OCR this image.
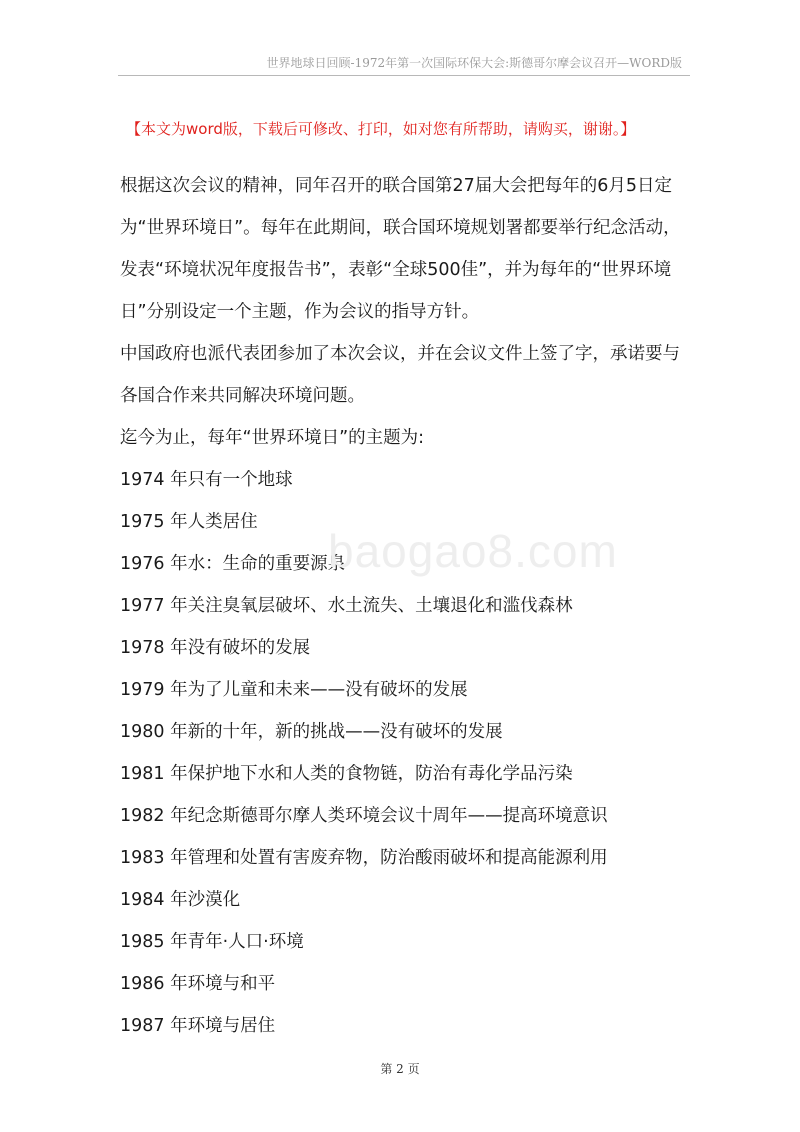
世界地球日回顾-1972年第一次国际环保大会:斯德哥尔摩会议召开—WORD版
【本文为word版，下载后可修改、打印，如对您有所帮助，请购买，谢谢。】

根据这次会议的精神，同年召开的联合国第27届大会把每年的6月5日定为“世界环境日”。每年在此期间，联合国环境规划署都要举行纪念活动，发表“环境状况年度报告书”，表彰“全球500佳”，并为每年的“世界环境日”分别设定一个主题，作为会议的指导方针。

中国政府也派代表团参加了本次会议，并在会议文件上签了字，承诺要与各国合作来共同解决环境问题。

迄今为止，每年“世界环境日”的主题为:

1974 年只有一个地球

1975 年人类居住

1976 年水：生命的重要源泉

1977 年关注臭氧层破坏、水土流失、土壤退化和滥伐森林

1978 年没有破坏的发展

1979 年为了儿童和未来——没有破坏的发展

1980 年新的十年，新的挑战——没有破坏的发展

1981 年保护地下水和人类的食物链，防治有毒化学品污染

1982 年纪念斯德哥尔摩人类环境会议十周年——提高环境意识

1983 年管理和处置有害废弃物，防治酸雨破坏和提高能源利用

1984 年沙漠化

1985 年青年·人口·环境

1986 年环境与和平

1987 年环境与居住

baogao8.com
第 2 页
